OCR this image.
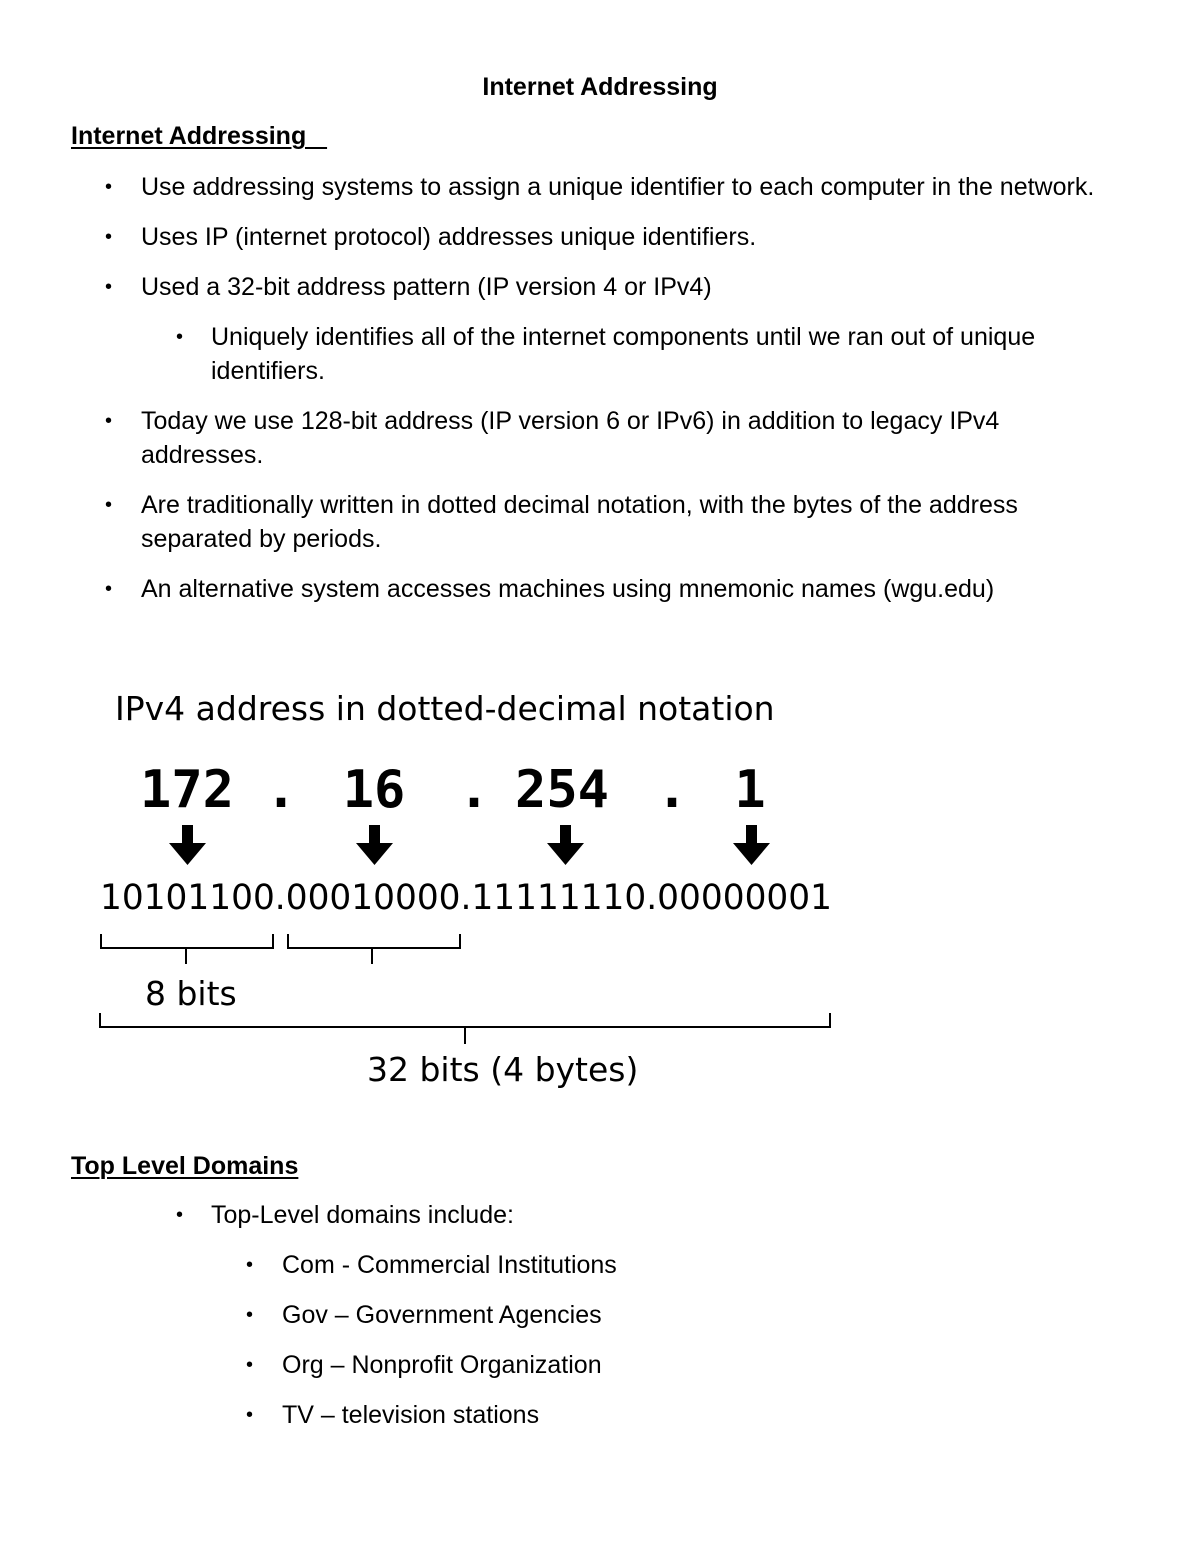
Internet Addressing
Internet Addressing
• Use addressing systems to assign a unique identifier to each computer in the network.
• Uses IP (internet protocol) addresses unique identifiers.
• Used a 32-bit address pattern (IP version 4 or IPv4)
• Uniquely identifies all of the internet components until we ran out of unique identifiers.
• Today we use 128-bit address (IP version 6 or IPv6) in addition to legacy IPv4 addresses.
• Are traditionally written in dotted decimal notation, with the bytes of the address separated by periods.
• An alternative system accesses machines using mnemonic names (wgu.edu)
IPv4 address in dotted-decimal notation
172 . 16 . 254 . 1
10101100.00010000.11111110.00000001
8 bits
32 bits (4 bytes)
Top Level Domains
• Top-Level domains include:
• Com - Commercial Institutions
• Gov – Government Agencies
• Org – Nonprofit Organization
• TV – television stations
